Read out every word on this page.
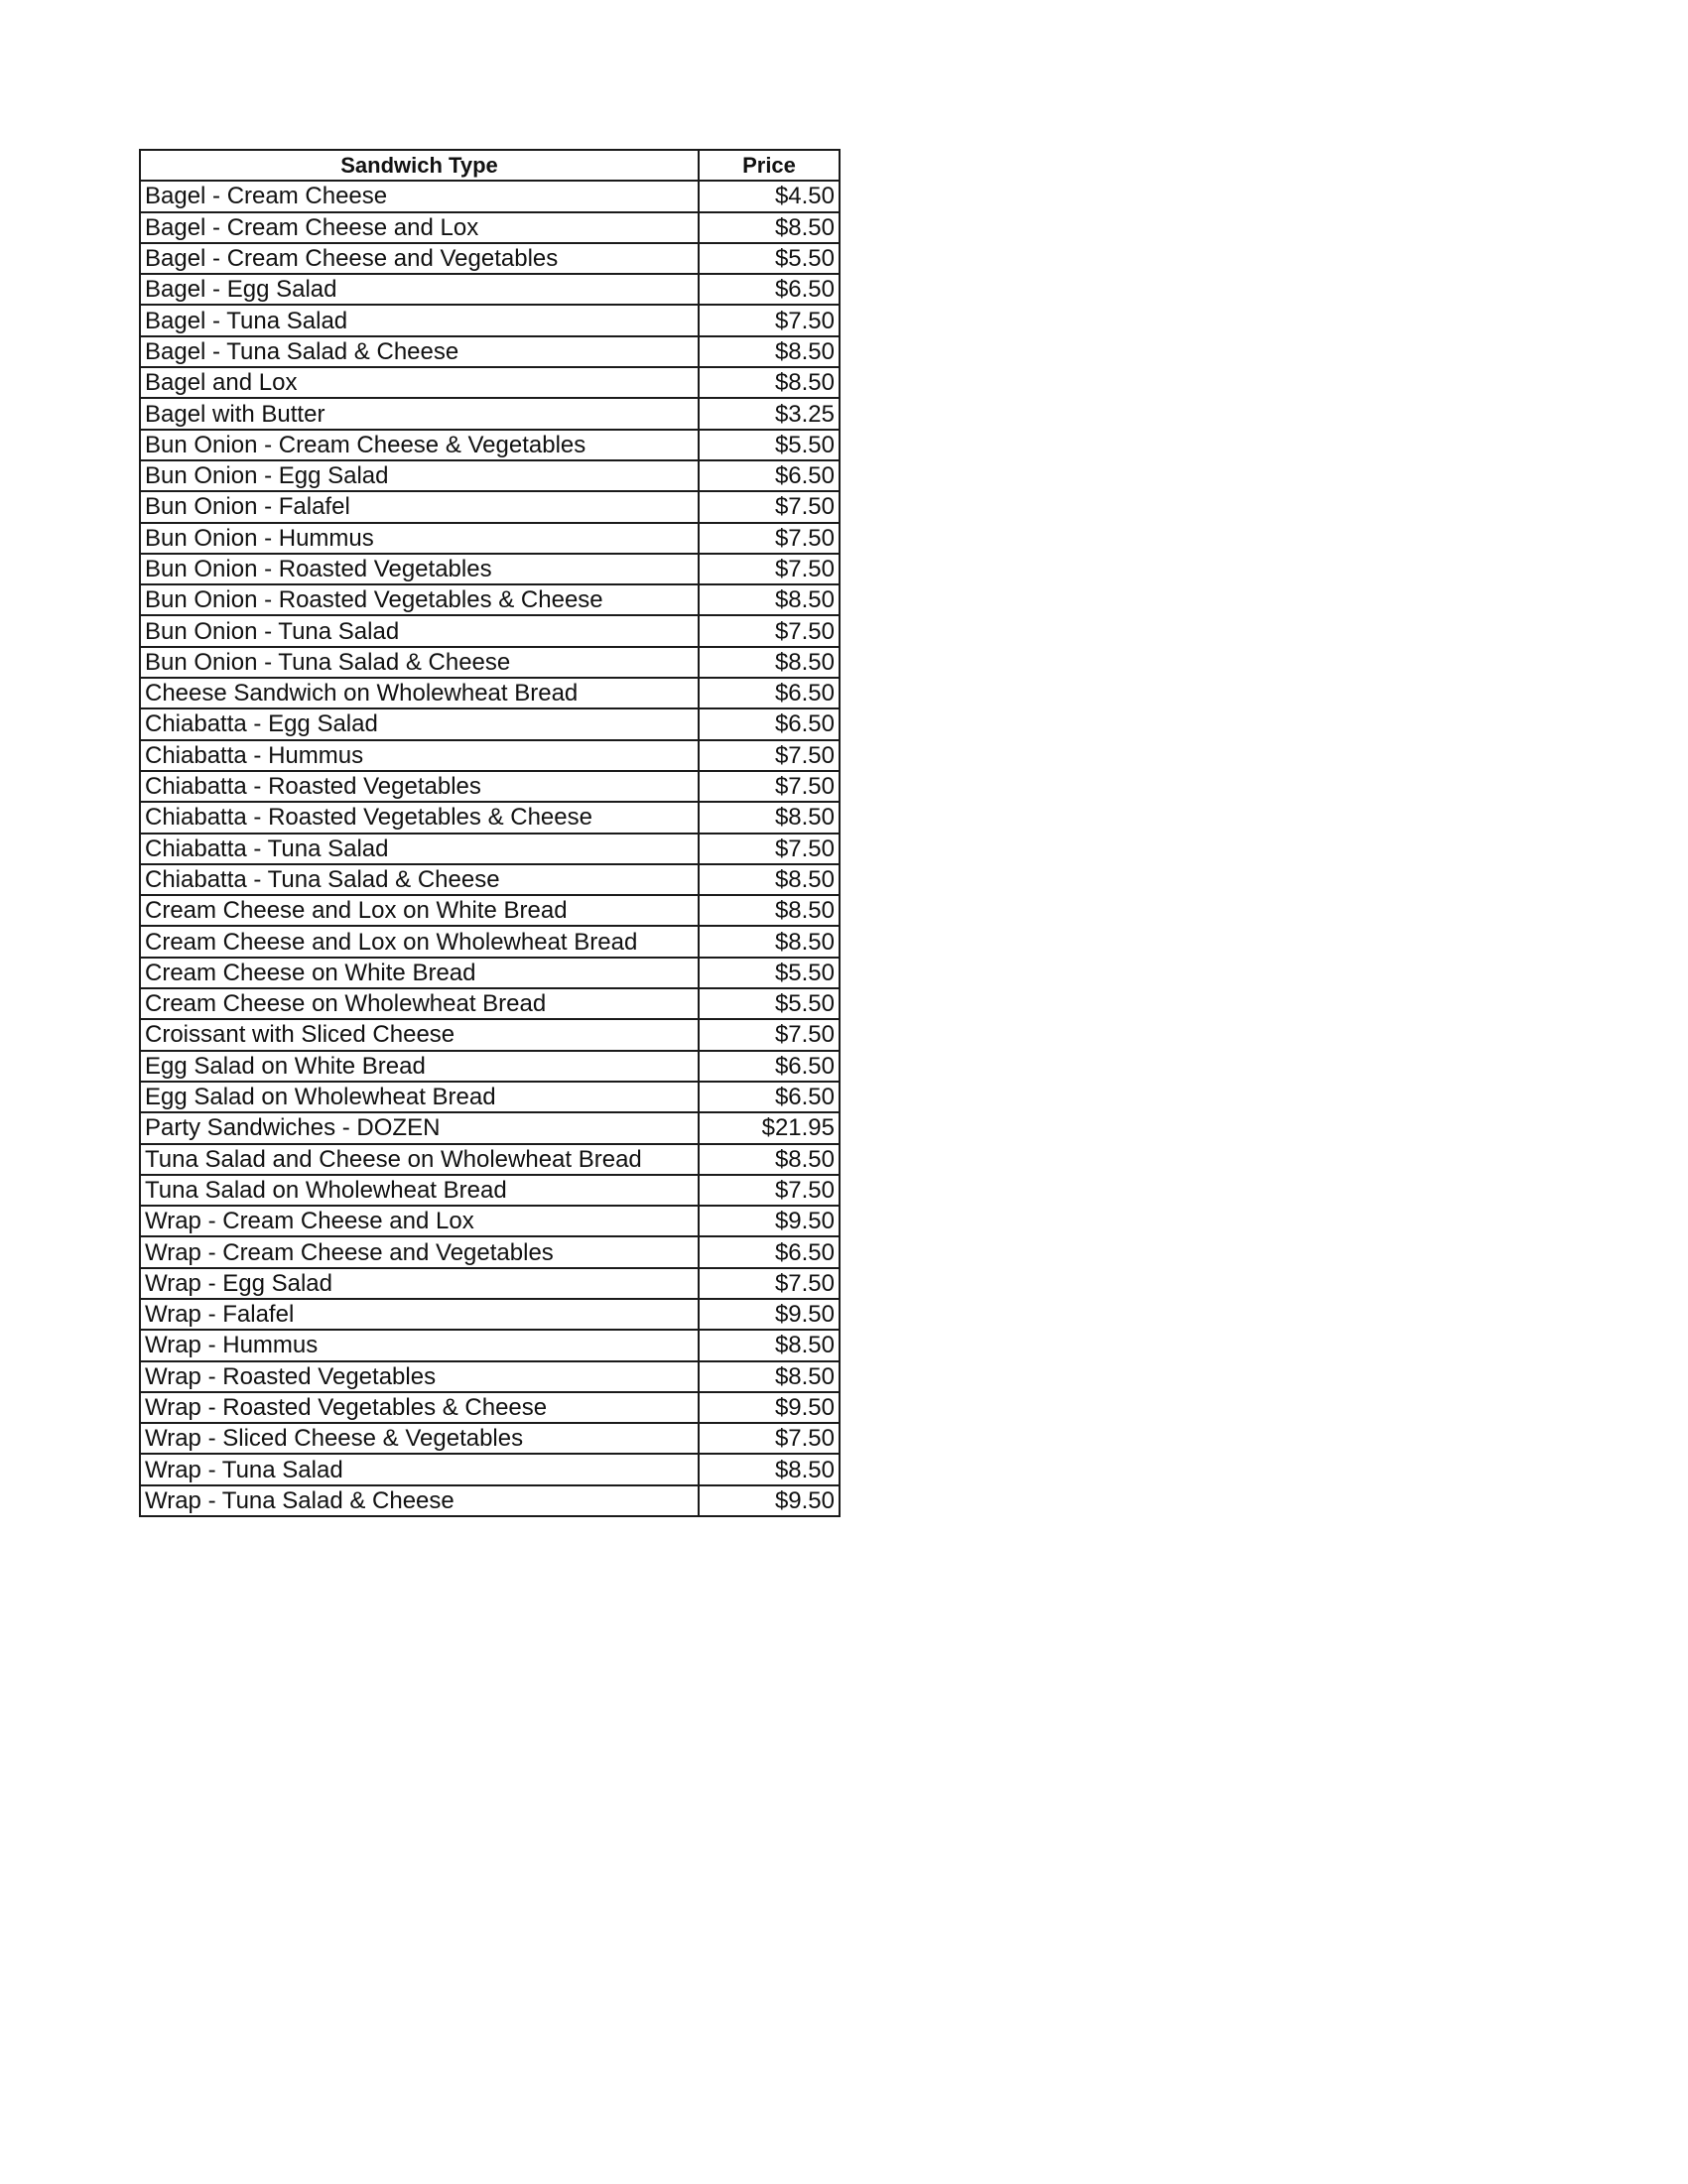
Sandwich Type	Price
Bagel - Cream Cheese	$4.50
Bagel - Cream Cheese and Lox	$8.50
Bagel - Cream Cheese and Vegetables	$5.50
Bagel - Egg Salad	$6.50
Bagel - Tuna Salad	$7.50
Bagel - Tuna Salad & Cheese	$8.50
Bagel and Lox	$8.50
Bagel with Butter	$3.25
Bun Onion - Cream Cheese & Vegetables	$5.50
Bun Onion - Egg Salad	$6.50
Bun Onion - Falafel	$7.50
Bun Onion - Hummus	$7.50
Bun Onion - Roasted Vegetables	$7.50
Bun Onion - Roasted Vegetables & Cheese	$8.50
Bun Onion - Tuna Salad	$7.50
Bun Onion - Tuna Salad & Cheese	$8.50
Cheese Sandwich on Wholewheat Bread	$6.50
Chiabatta - Egg Salad	$6.50
Chiabatta - Hummus	$7.50
Chiabatta - Roasted Vegetables	$7.50
Chiabatta - Roasted Vegetables & Cheese	$8.50
Chiabatta - Tuna Salad	$7.50
Chiabatta - Tuna Salad & Cheese	$8.50
Cream Cheese and Lox on White Bread	$8.50
Cream Cheese and Lox on Wholewheat Bread	$8.50
Cream Cheese on White Bread	$5.50
Cream Cheese on Wholewheat Bread	$5.50
Croissant with Sliced Cheese	$7.50
Egg Salad on White Bread	$6.50
Egg Salad on Wholewheat Bread	$6.50
Party Sandwiches - DOZEN	$21.95
Tuna Salad and Cheese on Wholewheat Bread	$8.50
Tuna Salad on Wholewheat Bread	$7.50
Wrap - Cream Cheese and Lox	$9.50
Wrap - Cream Cheese and Vegetables	$6.50
Wrap - Egg Salad	$7.50
Wrap - Falafel	$9.50
Wrap - Hummus	$8.50
Wrap - Roasted Vegetables	$8.50
Wrap - Roasted Vegetables & Cheese	$9.50
Wrap - Sliced Cheese & Vegetables	$7.50
Wrap - Tuna Salad	$8.50
Wrap - Tuna Salad & Cheese	$9.50
